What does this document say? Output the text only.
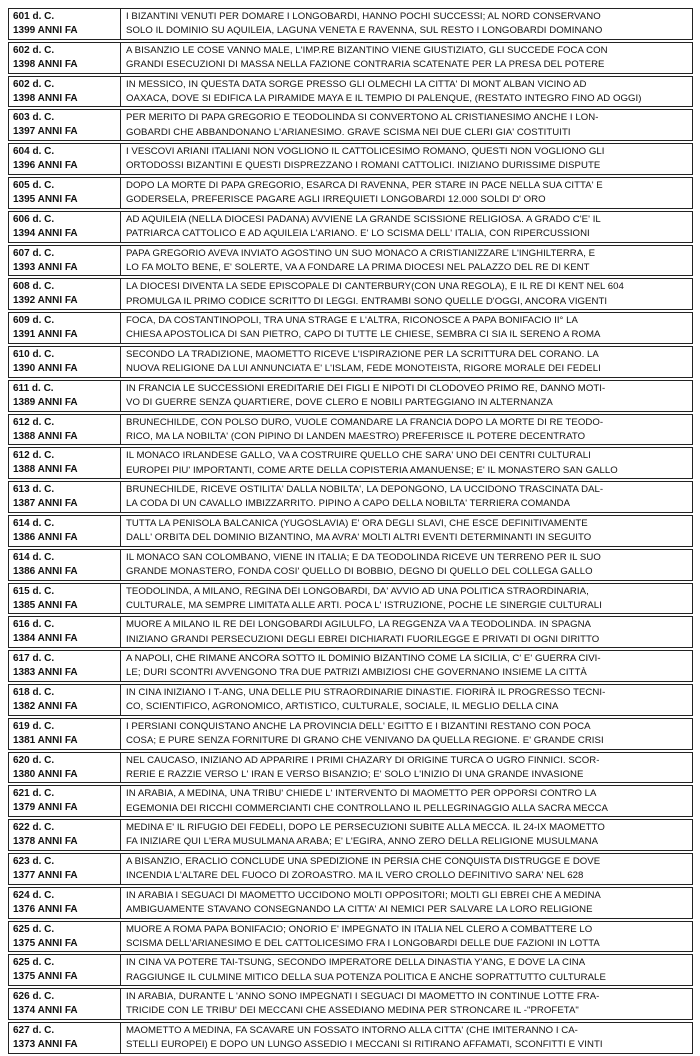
601 d. C.
1399 ANNI FA
I BIZANTINI VENUTI PER DOMARE I LONGOBARDI, HANNO POCHI SUCCESSI; AL NORD CONSERVANO
SOLO IL DOMINIO SU AQUILEIA, LAGUNA VENETA E RAVENNA, SUL RESTO I LONGOBARDI DOMINANO
602 d. C.
1398 ANNI FA
A BISANZIO LE COSE VANNO MALE, L'IMP.RE BIZANTINO VIENE GIUSTIZIATO, GLI SUCCEDE FOCA CON
GRANDI ESECUZIONI DI MASSA NELLA FAZIONE CONTRARIA SCATENATE PER LA PRESA DEL POTERE
602 d. C.
1398 ANNI FA
IN MESSICO, IN QUESTA DATA SORGE PRESSO GLI OLMECHI LA CITTA' DI MONT ALBAN VICINO AD
OAXACA, DOVE SI EDIFICA LA PIRAMIDE MAYA E IL TEMPIO DI PALENQUE, (RESTATO INTEGRO FINO AD OGGI)
603 d. C.
1397 ANNI FA
PER MERITO DI PAPA GREGORIO E TEODOLINDA SI CONVERTONO AL CRISTIANESIMO ANCHE I LON-
GOBARDI CHE ABBANDONANO L'ARIANESIMO. GRAVE SCISMA NEI DUE CLERI GIA' COSTITUITI
604 d. C.
1396 ANNI FA
I VESCOVI ARIANI ITALIANI NON VOGLIONO IL CATTOLICESIMO ROMANO, QUESTI NON VOGLIONO GLI
ORTODOSSI BIZANTINI E QUESTI DISPREZZANO I ROMANI CATTOLICI. INIZIANO DURISSIME DISPUTE
605 d. C.
1395 ANNI FA
DOPO LA MORTE DI PAPA GREGORIO, ESARCA DI RAVENNA, PER STARE IN PACE NELLA SUA CITTA' E
GODERSELA, PREFERISCE PAGARE AGLI IRREQUIETI LONGOBARDI 12.000 SOLDI D' ORO
606 d. C.
1394 ANNI FA
AD AQUILEIA (NELLA DIOCESI PADANA) AVVIENE LA GRANDE SCISSIONE RELIGIOSA. A GRADO C'E' IL
PATRIARCA CATTOLICO E AD AQUILEIA L'ARIANO. E' LO SCISMA DELL' ITALIA, CON RIPERCUSSIONI
607 d. C.
1393 ANNI FA
PAPA GREGORIO AVEVA INVIATO AGOSTINO UN SUO MONACO A CRISTIANIZZARE L'INGHILTERRA, E
LO FA MOLTO BENE, E' SOLERTE, VA A FONDARE LA PRIMA DIOCESI NEL PALAZZO DEL RE DI KENT
608 d. C.
1392 ANNI FA
LA DIOCESI DIVENTA LA SEDE EPISCOPALE DI CANTERBURY(CON UNA REGOLA), E IL RE DI KENT NEL 604
PROMULGA IL PRIMO CODICE SCRITTO DI LEGGI. ENTRAMBI SONO QUELLE D'OGGI, ANCORA VIGENTI
609 d. C.
1391 ANNI FA
FOCA, DA COSTANTINOPOLI, TRA UNA STRAGE E L'ALTRA, RICONOSCE A PAPA BONIFACIO II° LA
CHIESA APOSTOLICA DI SAN PIETRO, CAPO DI TUTTE LE CHIESE, SEMBRA CI SIA IL SERENO A ROMA
610 d. C.
1390 ANNI FA
SECONDO LA TRADIZIONE, MAOMETTO RICEVE L'ISPIRAZIONE PER LA SCRITTURA DEL CORANO. LA
NUOVA RELIGIONE DA LUI ANNUNCIATA E' L'ISLAM, FEDE MONOTEISTA, RIGORE MORALE DEI FEDELI
611 d. C.
1389 ANNI FA
IN FRANCIA LE SUCCESSIONI EREDITARIE DEI FIGLI E NIPOTI DI CLODOVEO PRIMO RE, DANNO MOTI-
VO DI GUERRE SENZA QUARTIERE, DOVE CLERO E NOBILI PARTEGGIANO IN ALTERNANZA
612 d. C.
1388 ANNI FA
BRUNECHILDE, CON POLSO DURO, VUOLE COMANDARE LA FRANCIA DOPO LA MORTE DI RE TEODO-
RICO, MA LA NOBILTA' (CON PIPINO DI LANDEN MAESTRO) PREFERISCE IL POTERE DECENTRATO
612 d. C.
1388 ANNI FA
IL MONACO IRLANDESE GALLO, VA A COSTRUIRE QUELLO CHE SARA' UNO DEI CENTRI CULTURALI
EUROPEI PIU' IMPORTANTI, COME ARTE DELLA COPISTERIA AMANUENSE; E' IL MONASTERO SAN GALLO
613 d. C.
1387 ANNI FA
BRUNECHILDE, RICEVE OSTILITA' DALLA NOBILTA', LA DEPONGONO, LA UCCIDONO TRASCINATA DAL-
LA CODA DI UN CAVALLO IMBIZZARRITO. PIPINO A CAPO DELLA NOBILTA' TERRIERA COMANDA
614 d. C.
1386 ANNI FA
TUTTA LA PENISOLA BALCANICA (YUGOSLAVIA) E' ORA DEGLI SLAVI, CHE ESCE DEFINITIVAMENTE
DALL' ORBITA DEL DOMINIO BIZANTINO, MA AVRA' MOLTI ALTRI EVENTI DETERMINANTI IN SEGUITO
614 d. C.
1386 ANNI FA
IL MONACO SAN COLOMBANO, VIENE IN ITALIA; E DA TEODOLINDA RICEVE UN TERRENO PER IL SUO
GRANDE MONASTERO, FONDA COSI' QUELLO DI BOBBIO, DEGNO DI QUELLO DEL COLLEGA GALLO
615 d. C.
1385 ANNI FA
TEODOLINDA, A MILANO, REGINA DEI LONGOBARDI, DA' AVVIO AD UNA POLITICA STRAORDINARIA,
CULTURALE, MA SEMPRE LIMITATA ALLE ARTI. POCA L' ISTRUZIONE, POCHE LE SINERGIE CULTURALI
616 d. C.
1384 ANNI FA
MUORE A MILANO IL RE DEI LONGOBARDI AGILULFO, LA REGGENZA VA A TEODOLINDA. IN SPAGNA
INIZIANO GRANDI PERSECUZIONI DEGLI EBREI DICHIARATI FUORILEGGE E PRIVATI DI OGNI DIRITTO
617 d. C.
1383 ANNI FA
A NAPOLI, CHE RIMANE ANCORA SOTTO IL DOMINIO BIZANTINO COME LA SICILIA, C' E' GUERRA CIVI-
LE; DURI SCONTRI AVVENGONO TRA DUE PATRIZI AMBIZIOSI CHE GOVERNANO INSIEME LA CITTÀ
618 d. C.
1382 ANNI FA
IN CINA INIZIANO I T-ANG, UNA DELLE PIU STRAORDINARIE DINASTIE. FIORIRÀ IL PROGRESSO TECNI-
CO, SCIENTIFICO, AGRONOMICO, ARTISTICO, CULTURALE, SOCIALE, IL MEGLIO DELLA CINA
619 d. C.
1381 ANNI FA
I PERSIANI CONQUISTANO ANCHE LA PROVINCIA DELL' EGITTO E I BIZANTINI RESTANO CON POCA
COSA; E PURE SENZA FORNITURE DI GRANO CHE VENIVANO DA QUELLA REGIONE. E' GRANDE CRISI
620 d. C.
1380 ANNI FA
NEL CAUCASO, INIZIANO AD APPARIRE I PRIMI CHAZARY DI ORIGINE TURCA O UGRO FINNICI. SCOR-
RERIE E RAZZIE VERSO L' IRAN E VERSO BISANZIO; E' SOLO L'INIZIO DI UNA GRANDE INVASIONE
621 d. C.
1379 ANNI FA
IN ARABIA, A MEDINA, UNA TRIBU' CHIEDE L' INTERVENTO DI MAOMETTO PER OPPORSI CONTRO LA
EGEMONIA DEI RICCHI COMMERCIANTI CHE CONTROLLANO IL PELLEGRINAGGIO ALLA SACRA MECCA
622 d. C.
1378 ANNI FA
MEDINA E' IL RIFUGIO DEI FEDELI, DOPO LE PERSECUZIONI SUBITE ALLA MECCA. IL 24-IX MAOMETTO
FA INIZIARE QUI L'ERA MUSULMANA ARABA; E' L'EGIRA, ANNO ZERO DELLA RELIGIONE MUSULMANA
623 d. C.
1377 ANNI FA
A BISANZIO, ERACLIO CONCLUDE UNA SPEDIZIONE IN PERSIA CHE CONQUISTA DISTRUGGE E DOVE
INCENDIA L'ALTARE DEL FUOCO DI ZOROASTRO. MA IL VERO CROLLO DEFINITIVO SARA' NEL 628
624 d. C.
1376 ANNI FA
IN ARABIA I SEGUACI DI MAOMETTO UCCIDONO MOLTI OPPOSITORI; MOLTI GLI EBREI CHE A MEDINA
AMBIGUAMENTE STAVANO CONSEGNANDO LA CITTA' AI NEMICI PER SALVARE LA LORO RELIGIONE
625 d. C.
1375 ANNI FA
MUORE A ROMA PAPA BONIFACIO; ONORIO E' IMPEGNATO IN ITALIA NEL CLERO A COMBATTERE LO
SCISMA DELL'ARIANESIMO E DEL CATTOLICESIMO FRA I LONGOBARDI DELLE DUE FAZIONI IN LOTTA
625 d. C.
1375 ANNI FA
IN CINA VA POTERE TAI-TSUNG, SECONDO IMPERATORE DELLA DINASTIA Y'ANG, E DOVE LA CINA
RAGGIUNGE IL CULMINE MITICO DELLA SUA POTENZA POLITICA E ANCHE SOPRATTUTTO CULTURALE
626 d. C.
1374 ANNI FA
IN ARABIA, DURANTE L 'ANNO SONO IMPEGNATI I SEGUACI DI MAOMETTO IN CONTINUE LOTTE FRA-
TRICIDE CON LE TRIBU' DEI MECCANI CHE ASSEDIANO MEDINA PER STRONCARE IL -"PROFETA"
627 d. C.
1373 ANNI FA
MAOMETTO A MEDINA, FA SCAVARE UN FOSSATO INTORNO ALLA CITTA' (CHE IMITERANNO I CA-
STELLI EUROPEI) E DOPO UN LUNGO ASSEDIO I MECCANI SI RITIRANO AFFAMATI, SCONFITTI E VINTI
